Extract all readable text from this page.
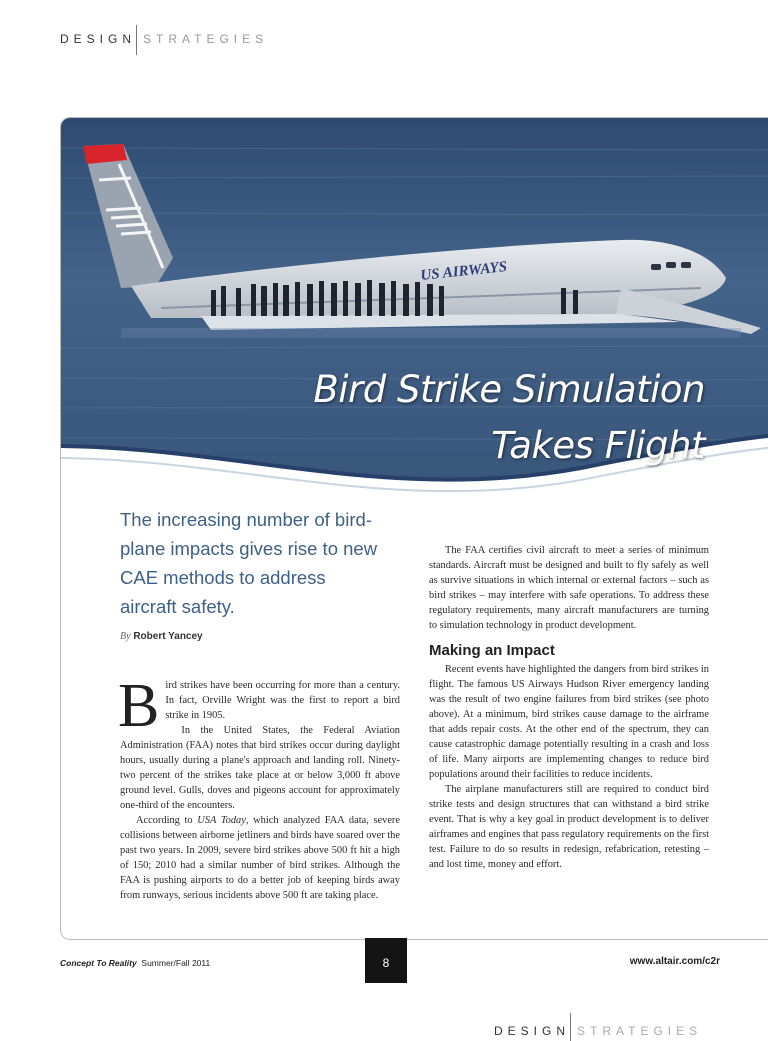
DESIGN STRATEGIES
US AIRWAYS
Bird Strike Simulation
Takes Flight
The increasing number of bird-plane impacts gives rise to new CAE methods to address aircraft safety.
By Robert Yancey

Bird strikes have been occurring for more than a century. In fact, Orville Wright was the first to report a bird strike in 1905.

In the United States, the Federal Aviation Administration (FAA) notes that bird strikes occur during daylight hours, usually during a plane's approach and landing roll. Ninety-two percent of the strikes take place at or below 3,000 ft above ground level. Gulls, doves and pigeons account for approximately one-third of the encounters.

According to USA Today, which analyzed FAA data, severe collisions between airborne jetliners and birds have soared over the past two years. In 2009, severe bird strikes above 500 ft hit a high of 150; 2010 had a similar number of bird strikes. Although the FAA is pushing airports to do a better job of keeping birds away from runways, serious incidents above 500 ft are taking place.

The FAA certifies civil aircraft to meet a series of minimum standards. Aircraft must be designed and built to fly safely as well as survive situations in which internal or external factors – such as bird strikes – may interfere with safe operations. To address these regulatory requirements, many aircraft manufacturers are turning to simulation technology in product development.

Making an Impact

Recent events have highlighted the dangers from bird strikes in flight. The famous US Airways Hudson River emergency landing was the result of two engine failures from bird strikes (see photo above). At a minimum, bird strikes cause damage to the airframe that adds repair costs. At the other end of the spectrum, they can cause catastrophic damage potentially resulting in a crash and loss of life. Many airports are implementing changes to reduce bird populations around their facilities to reduce incidents.

The airplane manufacturers still are required to conduct bird strike tests and design structures that can withstand a bird strike event. That is why a key goal in product development is to deliver airframes and engines that pass regulatory requirements on the first test. Failure to do so results in redesign, refabrication, retesting – and lost time, money and effort.

Concept To Reality Summer/Fall 2011	8	www.altair.com/c2r
DESIGN STRATEGIES
